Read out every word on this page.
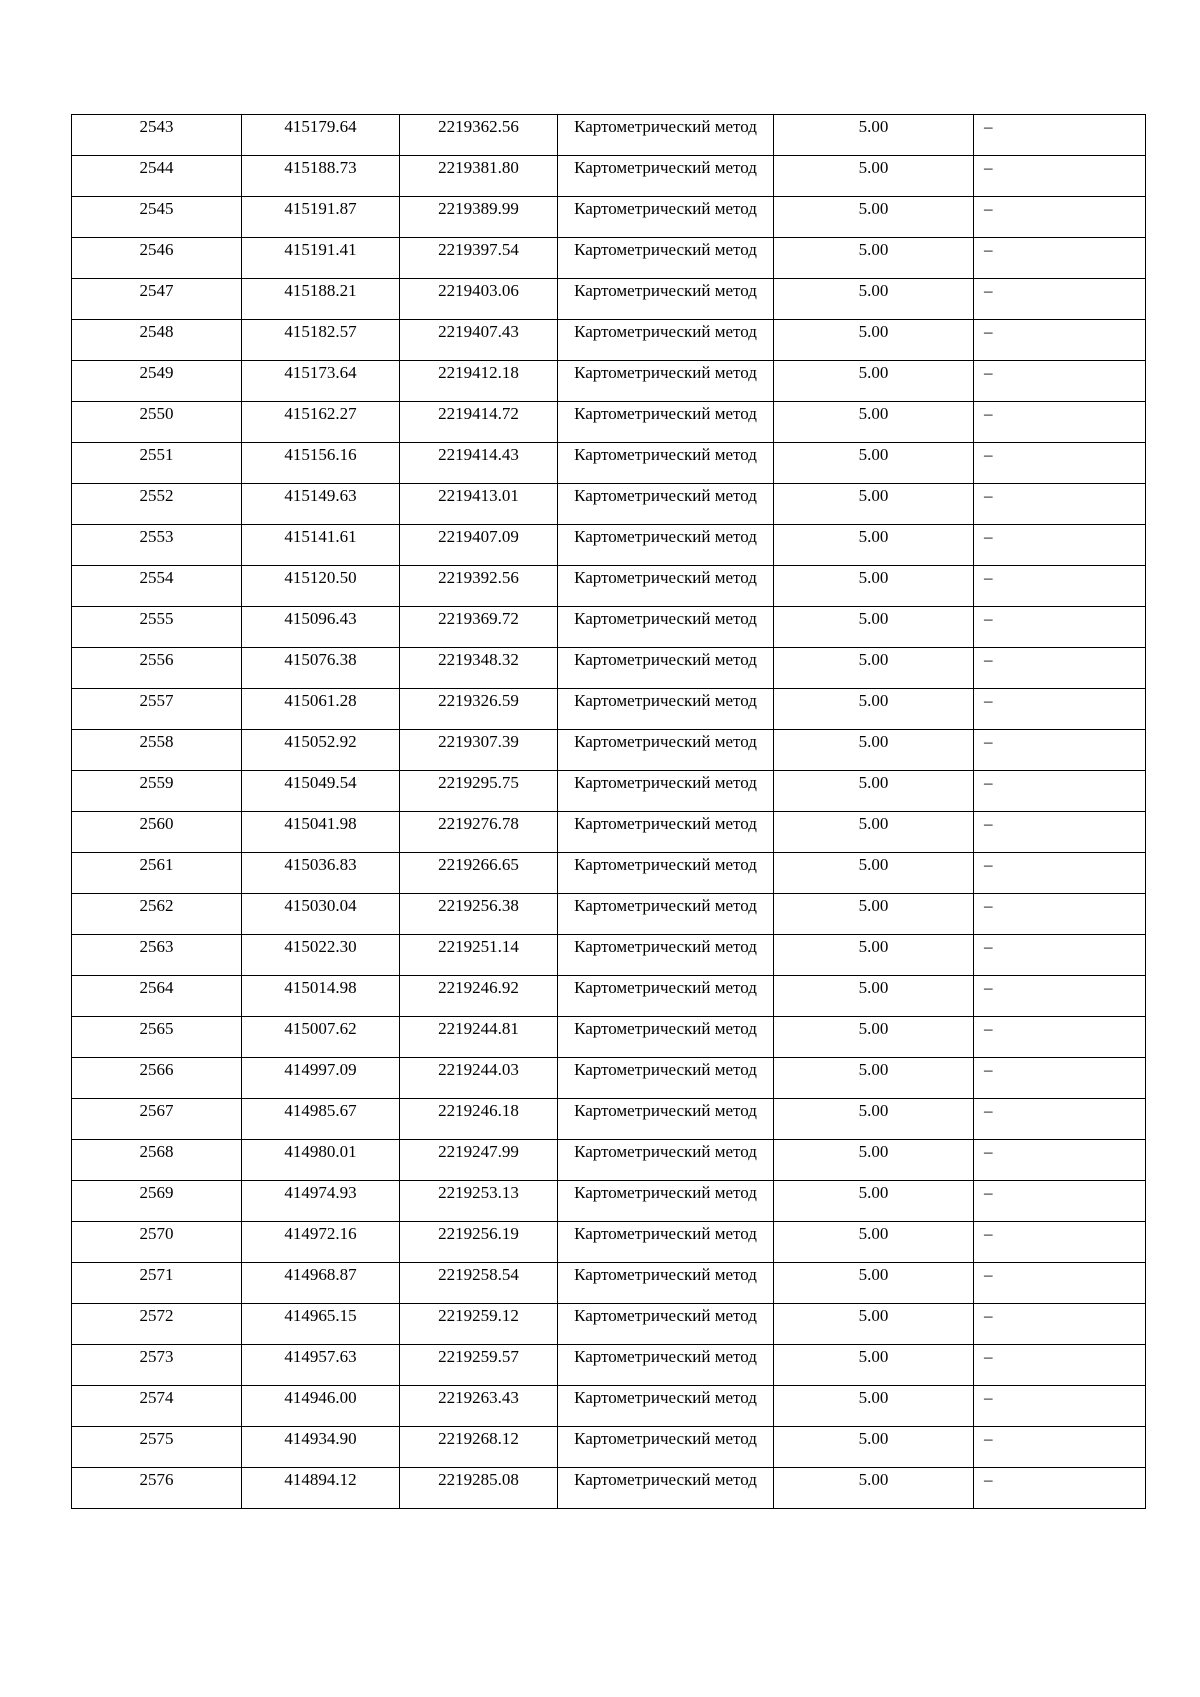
2543	415179.64	2219362.56	Картометрический метод	5.00	–
2544	415188.73	2219381.80	Картометрический метод	5.00	–
2545	415191.87	2219389.99	Картометрический метод	5.00	–
2546	415191.41	2219397.54	Картометрический метод	5.00	–
2547	415188.21	2219403.06	Картометрический метод	5.00	–
2548	415182.57	2219407.43	Картометрический метод	5.00	–
2549	415173.64	2219412.18	Картометрический метод	5.00	–
2550	415162.27	2219414.72	Картометрический метод	5.00	–
2551	415156.16	2219414.43	Картометрический метод	5.00	–
2552	415149.63	2219413.01	Картометрический метод	5.00	–
2553	415141.61	2219407.09	Картометрический метод	5.00	–
2554	415120.50	2219392.56	Картометрический метод	5.00	–
2555	415096.43	2219369.72	Картометрический метод	5.00	–
2556	415076.38	2219348.32	Картометрический метод	5.00	–
2557	415061.28	2219326.59	Картометрический метод	5.00	–
2558	415052.92	2219307.39	Картометрический метод	5.00	–
2559	415049.54	2219295.75	Картометрический метод	5.00	–
2560	415041.98	2219276.78	Картометрический метод	5.00	–
2561	415036.83	2219266.65	Картометрический метод	5.00	–
2562	415030.04	2219256.38	Картометрический метод	5.00	–
2563	415022.30	2219251.14	Картометрический метод	5.00	–
2564	415014.98	2219246.92	Картометрический метод	5.00	–
2565	415007.62	2219244.81	Картометрический метод	5.00	–
2566	414997.09	2219244.03	Картометрический метод	5.00	–
2567	414985.67	2219246.18	Картометрический метод	5.00	–
2568	414980.01	2219247.99	Картометрический метод	5.00	–
2569	414974.93	2219253.13	Картометрический метод	5.00	–
2570	414972.16	2219256.19	Картометрический метод	5.00	–
2571	414968.87	2219258.54	Картометрический метод	5.00	–
2572	414965.15	2219259.12	Картометрический метод	5.00	–
2573	414957.63	2219259.57	Картометрический метод	5.00	–
2574	414946.00	2219263.43	Картометрический метод	5.00	–
2575	414934.90	2219268.12	Картометрический метод	5.00	–
2576	414894.12	2219285.08	Картометрический метод	5.00	–
